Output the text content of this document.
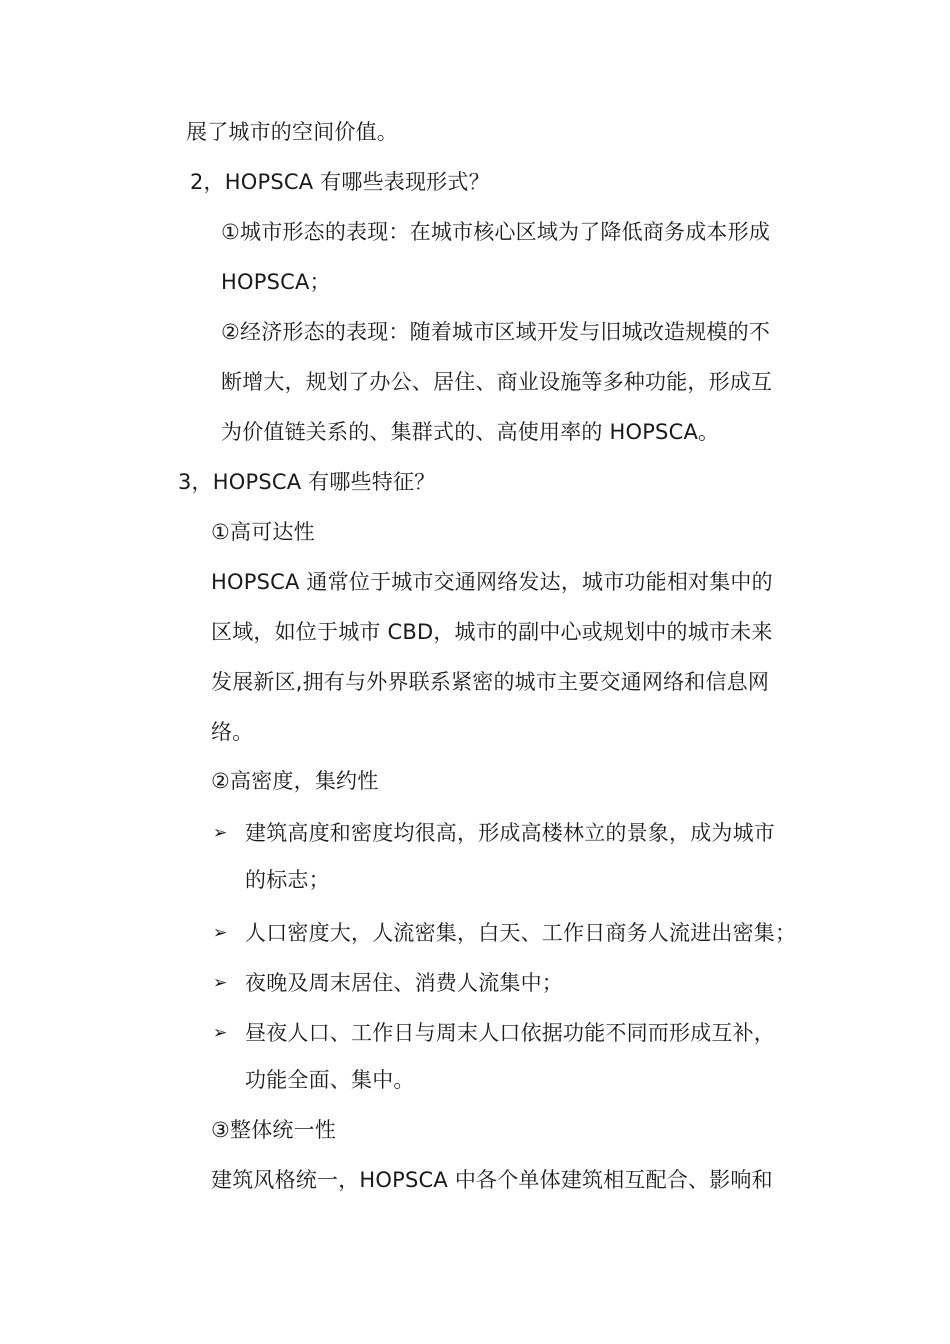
展了城市的空间价值。
2，HOPSCA 有哪些表现形式？
①城市形态的表现：在城市核心区域为了降低商务成本形成
HOPSCA；
②经济形态的表现：随着城市区域开发与旧城改造规模的不
断增大，规划了办公、居住、商业设施等多种功能，形成互
为价值链关系的、集群式的、高使用率的 HOPSCA。
3，HOPSCA 有哪些特征？
①高可达性
HOPSCA 通常位于城市交通网络发达，城市功能相对集中的
区域，如位于城市 CBD，城市的副中心或规划中的城市未来
发展新区,拥有与外界联系紧密的城市主要交通网络和信息网
络。
②高密度，集约性
➢ 建筑高度和密度均很高，形成高楼林立的景象，成为城市
的标志；
➢ 人口密度大，人流密集，白天、工作日商务人流进出密集；
➢ 夜晚及周末居住、消费人流集中；
➢ 昼夜人口、工作日与周末人口依据功能不同而形成互补，
功能全面、集中。
③整体统一性
建筑风格统一，HOPSCA 中各个单体建筑相互配合、影响和
